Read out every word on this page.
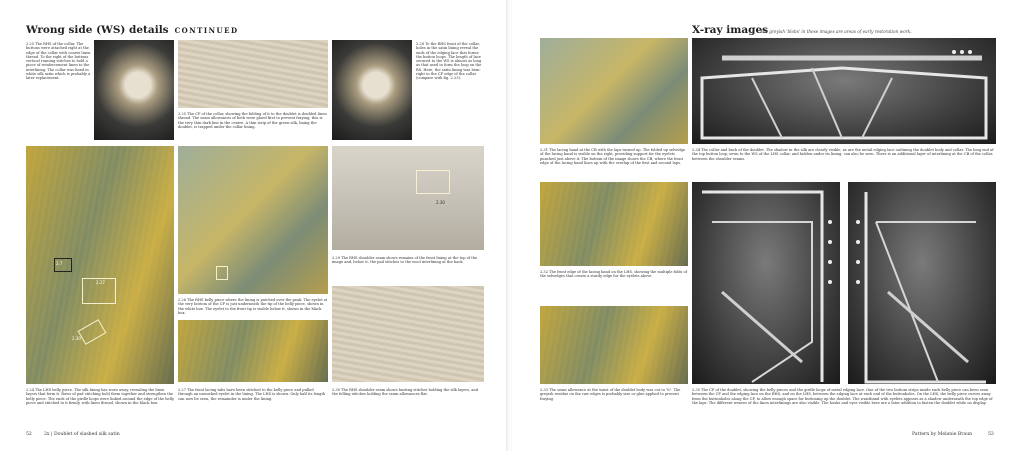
Wrong side (WS) details CONTINUED
2.25 The RHS of the collar. The buttons were attached right at the edge of the collar with coarse linen thread. To the right of the buttons vertical running stitches to hold a piece of reinforcement linen to the interlining. The collar was lined in white silk satin which is probably a later replacement.
2.25 The CF of the collar, showing the folding of it to the doublet is doubled linen thread. The seam allowances of both were glued first to prevent fraying; this is the very thin dark line in the centre. A thin strip of the green silk, lining the doublet, is trapped under the collar lining.
2.28 To the RHS front of the collar, holes in the satin lining reveal the ends of the edging lace that forms the button loops. The length of lace secured to the WS is almost as long as that used to form the loop on the RS. Here, the satin lining was hem-right to the CF edge of the collar (compare with fig. 2.23).
2.7
2.27
2.30
2.24 The LHS belly piece. The silk lining has worn away, revealing the linen layers that form it. Rows of pad stitching hold them together and strengthen the belly piece. The ends of the girdle loops were linked around the edge of the belly piece and stitched to it firmly, with linen thread, shown in the black box.
2.26 The RHS belly piece where the lining is patched over the peak. The eyelet at the very bottom of the CF is just underneath the tip of the belly piece, shown in the white box. The eyelet to the front tip is visible below it, shown in the black box.
2.27 The front lacing tabs have been stitched to the belly piece and pulled through an unworked eyelet in the lining. The LHS is shown. Only half its length can now be seen, the remainder is under the lining.
2.30
2.29 The RHS shoulder seam shows remains of the front lining at the top of the image and, below it, the pad stitches to the wool interlining at the back.
2.30 The RHS shoulder seam shows basting stitches holding the silk layers, and the felling stitches holding the seam allowances flat.
52	2x | Doublet of slashed silk satin
X-ray images
The greyish 'blobs' in these images are areas of early restoration work.
2.31 The lacing band at the CB with the laps turned up. The folded up selvedge of the lacing band is visible on the right, providing support for the eyelets punched just above it. The bottom of the image shows the CB, where the front edge of the lacing band lines up with the overlap of the first and second laps.
2.32 The front edge of the lacing band on the LHS, showing the multiple folds of the selvedges that create a sturdy edge for the eyelets above.
2.33 The seam allowance at the waist of the doublet body was cut to ¾". The greyish residue on the raw edges is probably size or glue applied to prevent fraying.
2.34 The collar and back of the doublet. The shadow in the silk are clearly visible, as are the metal edging lace outlining the doublet body and collar. The long end of the top button loop, sewn to the WS of the LHS collar, and hidden under its lining, can also be seen. There is an additional layer of interlining at the CB of the collar, between the shoulder seams.
2.35 The CF of the doublet, showing the belly pieces and the girdle loops of metal edging lace. One of the two bottom strips inside each belly piece can been seen between the CF and the edging lace on the RHS, and on the LHS, between the edging lace at each end of the buttonholes. On the LHS, the belly piece curves away from the buttonholes along the CF, to allow enough space for buttoning up the doublet. The waistband with eyelets appears as a shadow underneath the top edge of the laps. The different weaves of the linen interlinings are also visible. The hooks and eyes visible here are a later addition to fasten the doublet while on display.
Pattern by Melanie Braun	53
